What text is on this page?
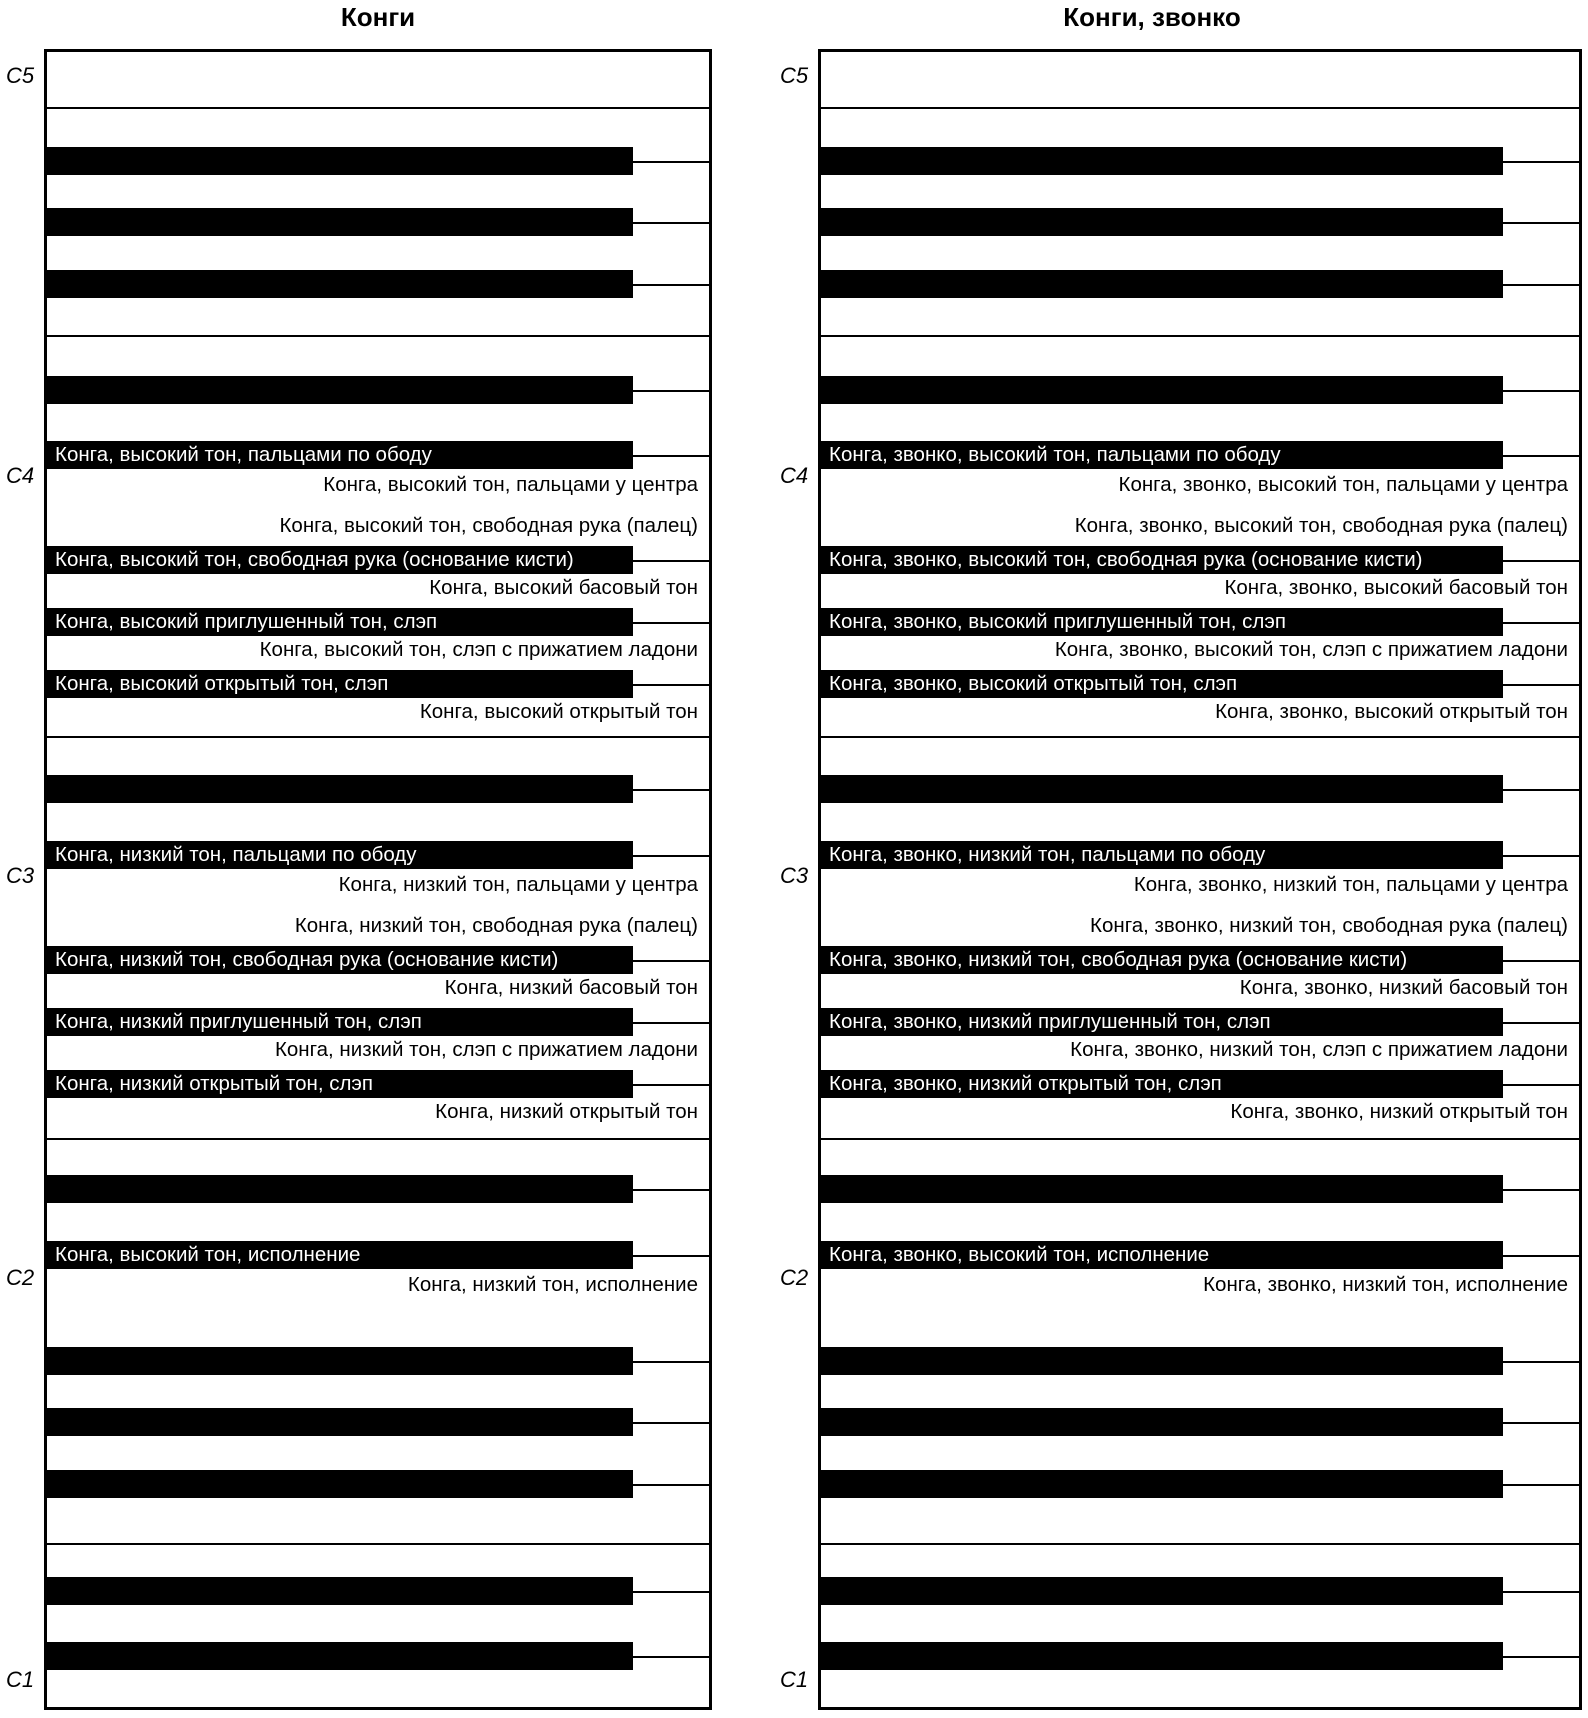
Конги
Конга, высокий тон, пальцами по ободу
Конга, высокий тон, свободная рука (основание кисти)
Конга, высокий приглушенный тон, слэп
Конга, высокий открытый тон, слэп
Конга, низкий тон, пальцами по ободу
Конга, низкий тон, свободная рука (основание кисти)
Конга, низкий приглушенный тон, слэп
Конга, низкий открытый тон, слэп
Конга, высокий тон, исполнение
Конга, высокий тон, пальцами у центра
Конга, высокий тон, свободная рука (палец)
Конга, высокий басовый тон
Конга, высокий тон, слэп с прижатием ладони
Конга, высокий открытый тон
Конга, низкий тон, пальцами у центра
Конга, низкий тон, свободная рука (палец)
Конга, низкий басовый тон
Конга, низкий тон, слэп с прижатием ладони
Конга, низкий открытый тон
Конга, низкий тон, исполнение
C5
C4
C3
C2
C1
Конги, звонко
Конга, звонко, высокий тон, пальцами по ободу
Конга, звонко, высокий тон, свободная рука (основание кисти)
Конга, звонко, высокий приглушенный тон, слэп
Конга, звонко, высокий открытый тон, слэп
Конга, звонко, низкий тон, пальцами по ободу
Конга, звонко, низкий тон, свободная рука (основание кисти)
Конга, звонко, низкий приглушенный тон, слэп
Конга, звонко, низкий открытый тон, слэп
Конга, звонко, высокий тон, исполнение
Конга, звонко, высокий тон, пальцами у центра
Конга, звонко, высокий тон, свободная рука (палец)
Конга, звонко, высокий басовый тон
Конга, звонко, высокий тон, слэп с прижатием ладони
Конга, звонко, высокий открытый тон
Конга, звонко, низкий тон, пальцами у центра
Конга, звонко, низкий тон, свободная рука (палец)
Конга, звонко, низкий басовый тон
Конга, звонко, низкий тон, слэп с прижатием ладони
Конга, звонко, низкий открытый тон
Конга, звонко, низкий тон, исполнение
C5
C4
C3
C2
C1
